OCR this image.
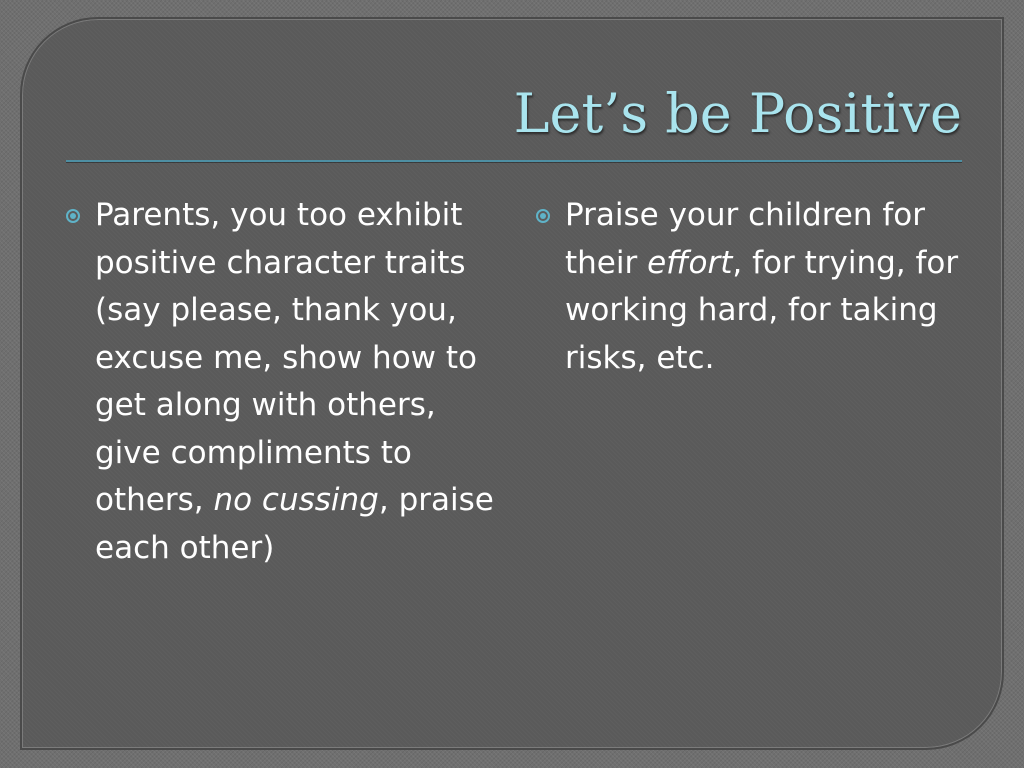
Let’s be Positive
Parents, you too exhibit positive character traits (say please, thank you, excuse me, show how to get along with others, give compliments to others, no cussing, praise each other)
Praise your children for their effort, for trying, for working hard, for taking risks, etc.
